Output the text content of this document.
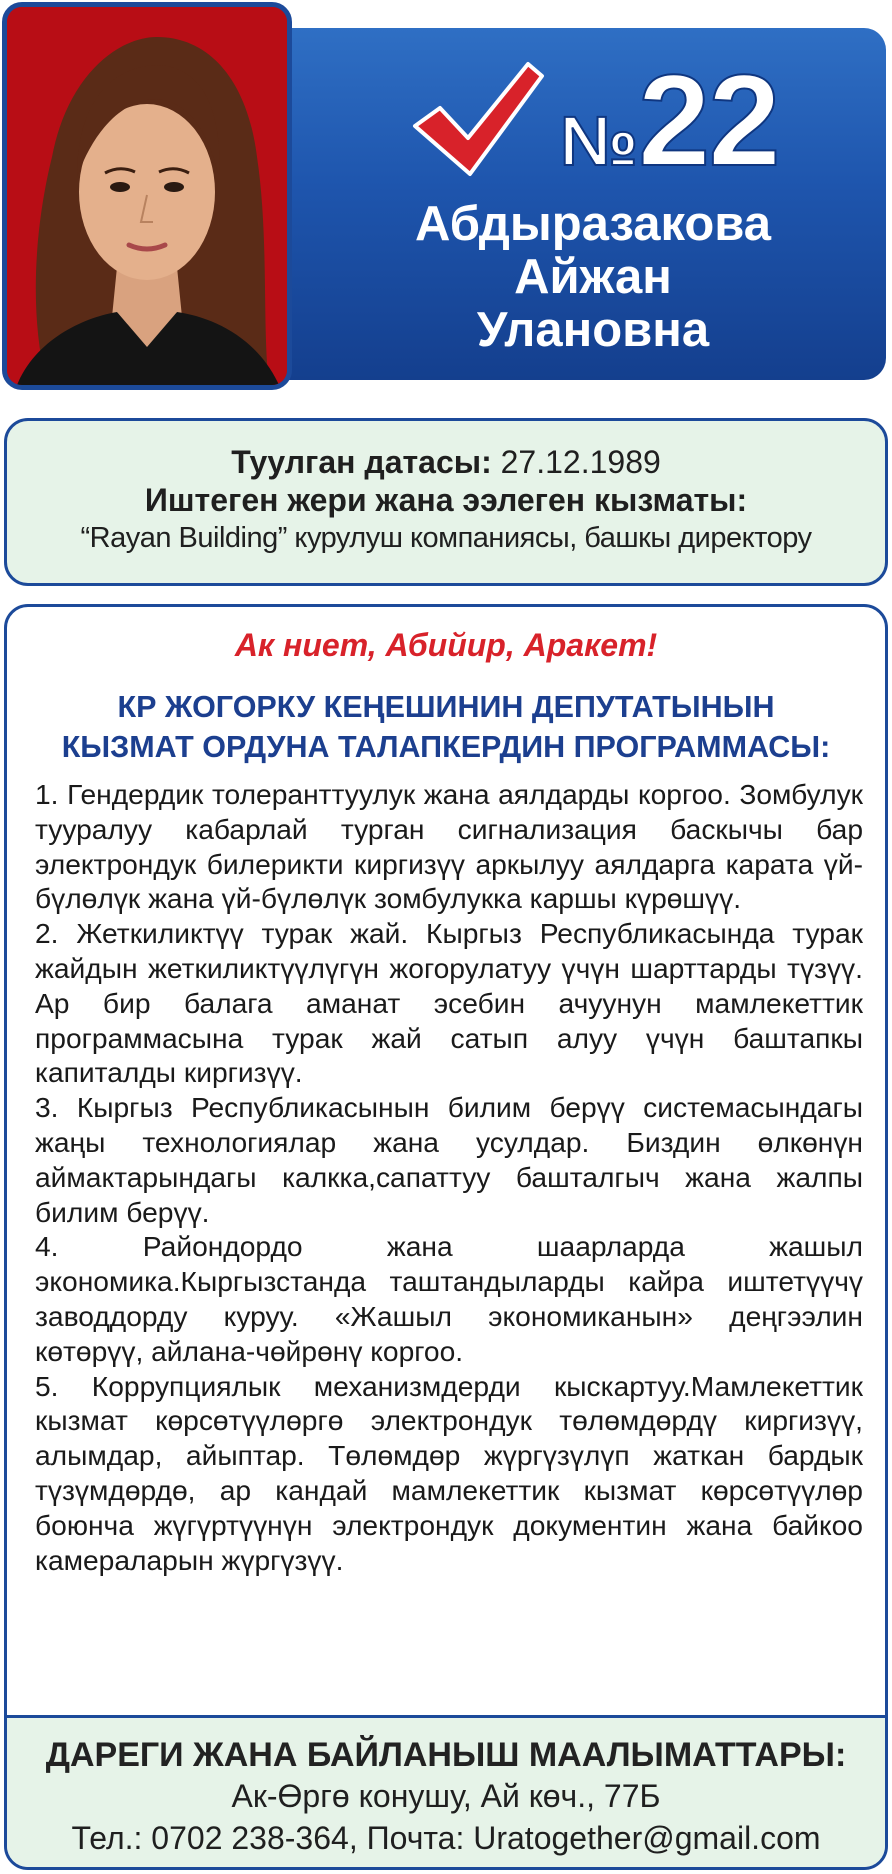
№22
Абдыразакова
Айжан
Улановна
Туулган датасы: 27.12.1989
Иштеген жери жана ээлеген кызматы:
“Rayan Building” курулуш компаниясы, башкы директору
Ак ниет, Абийир, Аракет!
КР ЖОГОРКУ КЕҢЕШИНИН ДЕПУТАТЫНЫН
КЫЗМАТ ОРДУНА ТАЛАПКЕРДИН ПРОГРАММАСЫ:

1. Гендердик толеранттуулук жана аялдарды коргоо. Зомбулук тууралуу кабарлай турган сигнализация баскычы бар электрондук билерикти киргизүү аркылуу аялдарга карата үй-бүлөлүк жана үй-бүлөлүк зомбулукка каршы күрөшүү.

2. Жеткиликтүү турак жай. Кыргыз Республикасында турак жайдын жеткиликтүүлүгүн жогорулатуу үчүн шарттарды түзүү. Ар бир балага аманат эсебин ачуунун мамлекеттик программасына турак жай сатып алуу үчүн баштапкы капиталды киргизүү.

3. Кыргыз Республикасынын билим берүү системасындагы жаңы технологиялар жана усулдар. Биздин өлкөнүн аймактарындагы калкка,сапаттуу башталгыч жана жалпы билим берүү.

4. Райондордо жана шаарларда жашыл экономика.Кыргызстанда таштандыларды кайра иштетүүчү заводдорду куруу. «Жашыл экономиканын» деңгээлин көтөрүү, айлана-чөйрөнү коргоо.

5. Коррупциялык механизмдерди кыскартуу.Мамлекеттик кызмат көрсөтүүлөргө электрондук төлөмдөрдү киргизүү, алымдар, айыптар. Төлөмдөр жүргүзүлүп жаткан бардык түзүмдөрдө, ар кандай мамлекеттик кызмат көрсөтүүлөр боюнча жүгүртүүнүн электрондук документин жана байкоо камераларын жүргүзүү.

ДАРЕГИ ЖАНА БАЙЛАНЫШ МААЛЫМАТТАРЫ:
Ак-Өргө конушу, Ай көч., 77Б
Тел.: 0702 238-364, Почта: Uratogether@gmail.com
